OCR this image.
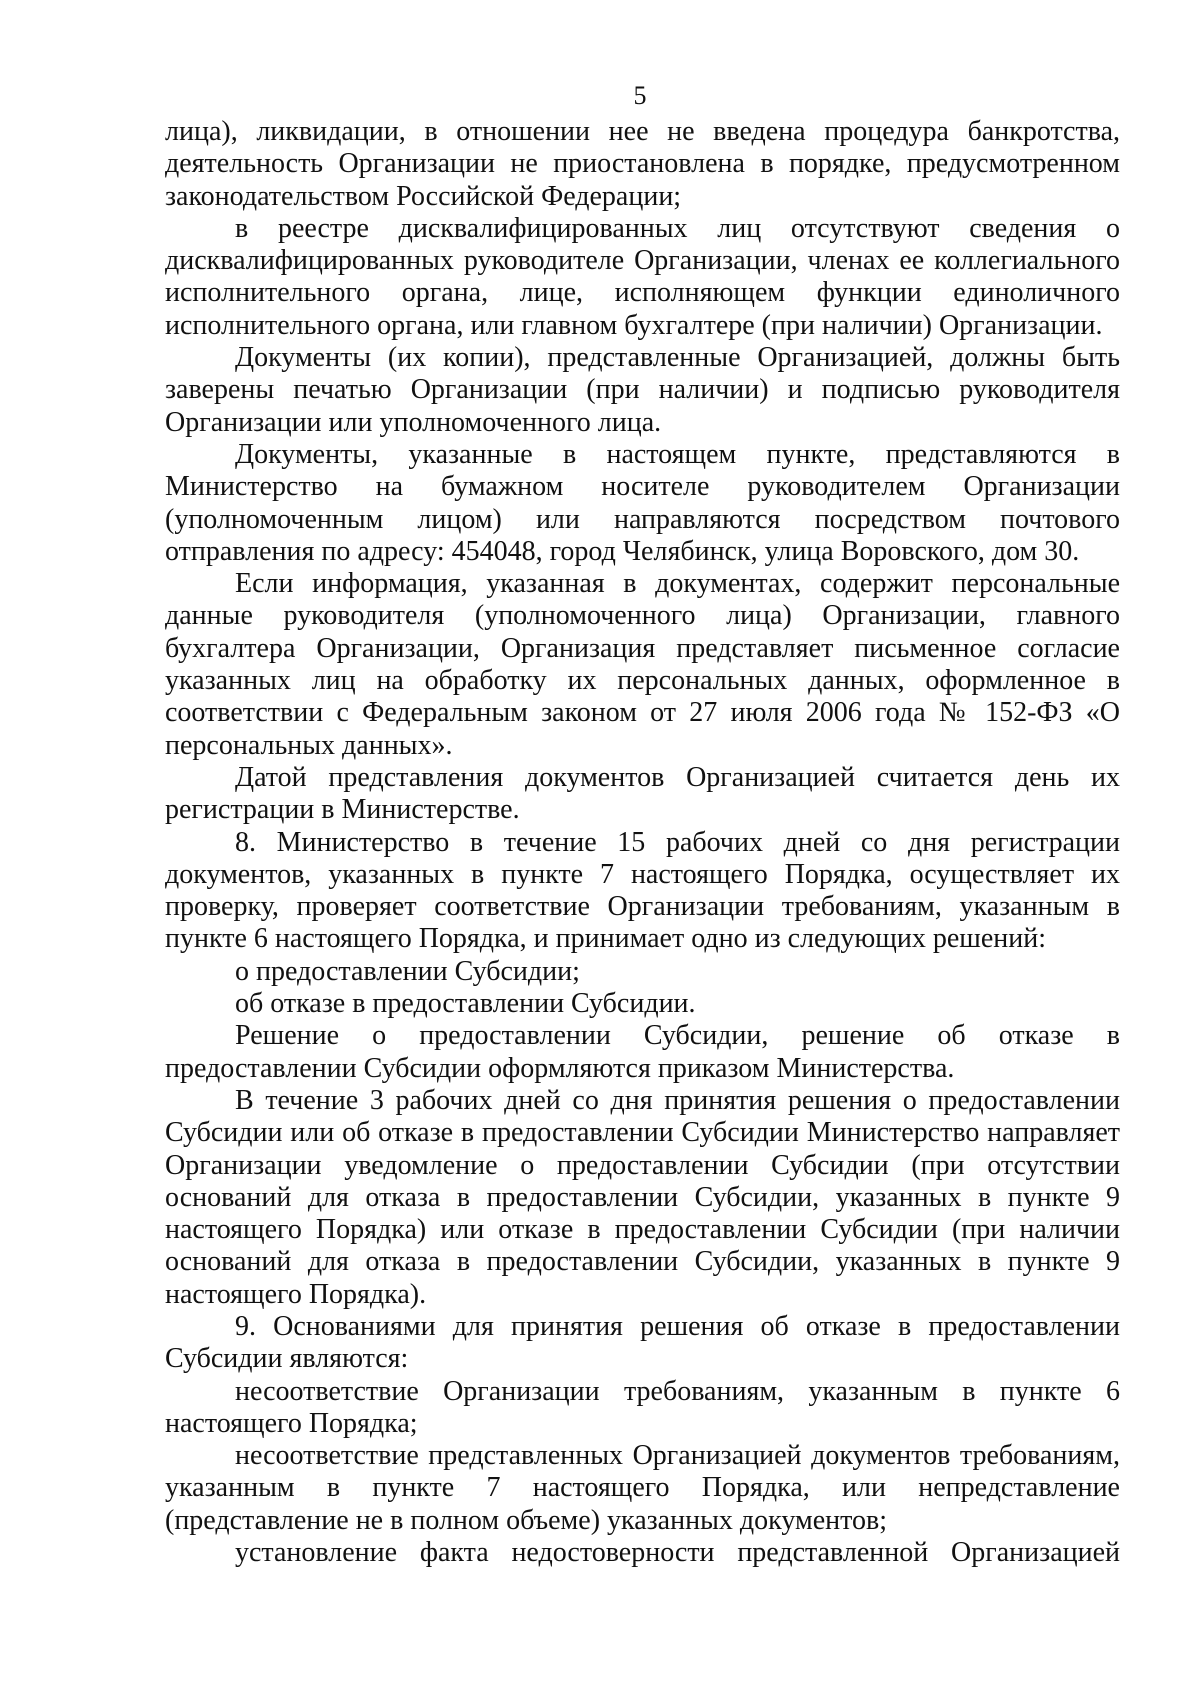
5

лица), ликвидации, в отношении нее не введена процедура банкротства, деятельность Организации не приостановлена в порядке, предусмотренном законодательством Российской Федерации;

в реестре дисквалифицированных лиц отсутствуют сведения о дисквалифицированных руководителе Организации, членах ее коллегиального исполнительного органа, лице, исполняющем функции единоличного исполнительного органа, или главном бухгалтере (при наличии) Организации.

Документы (их копии), представленные Организацией, должны быть заверены печатью Организации (при наличии) и подписью руководителя Организации или уполномоченного лица.

Документы, указанные в настоящем пункте, представляются в Министерство на бумажном носителе руководителем Организации (уполномоченным лицом) или направляются посредством почтового отправления по адресу: 454048, город Челябинск, улица Воровского, дом 30.

Если информация, указанная в документах, содержит персональные данные руководителя (уполномоченного лица) Организации, главного бухгалтера Организации, Организация представляет письменное согласие указанных лиц на обработку их персональных данных, оформленное в соответствии с Федеральным законом от 27 июля 2006 года № 152-ФЗ «О персональных данных».

Датой представления документов Организацией считается день их регистрации в Министерстве.

8. Министерство в течение 15 рабочих дней со дня регистрации документов, указанных в пункте 7 настоящего Порядка, осуществляет их проверку, проверяет соответствие Организации требованиям, указанным в пункте 6 настоящего Порядка, и принимает одно из следующих решений:

о предоставлении Субсидии;

об отказе в предоставлении Субсидии.

Решение о предоставлении Субсидии, решение об отказе в предоставлении Субсидии оформляются приказом Министерства.

В течение 3 рабочих дней со дня принятия решения о предоставлении Субсидии или об отказе в предоставлении Субсидии Министерство направляет Организации уведомление о предоставлении Субсидии (при отсутствии оснований для отказа в предоставлении Субсидии, указанных в пункте 9 настоящего Порядка) или отказе в предоставлении Субсидии (при наличии оснований для отказа в предоставлении Субсидии, указанных в пункте 9 настоящего Порядка).

9. Основаниями для принятия решения об отказе в предоставлении Субсидии являются:

несоответствие Организации требованиям, указанным в пункте 6 настоящего Порядка;

несоответствие представленных Организацией документов требованиям, указанным в пункте 7 настоящего Порядка, или непредставление (представление не в полном объеме) указанных документов;

установление факта недостоверности представленной Организацией
